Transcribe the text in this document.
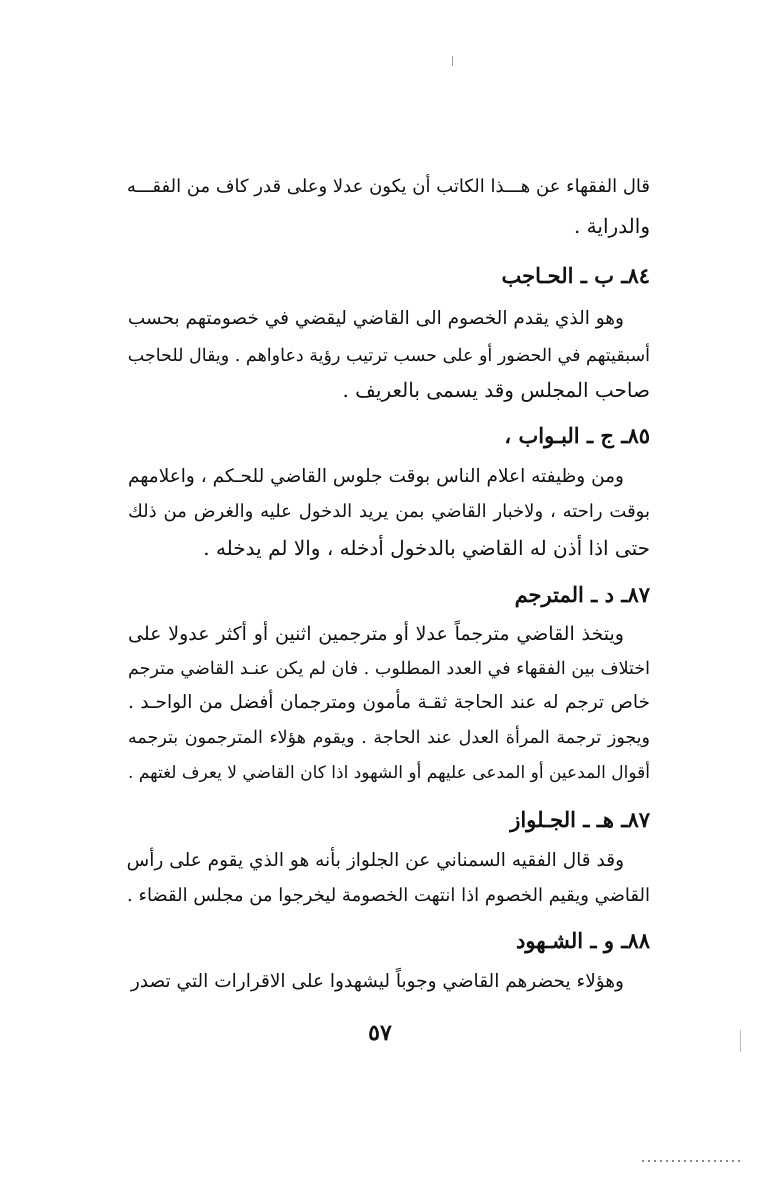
قال الفقهاء عن هـــذا الكاتب أن يكون عدلا وعلى قدر كاف من الفقـــه
والدراية .
٨٤ـ ب ـ الحـاجب
وهو الذي يقدم الخصوم الى القاضي ليقضي في خصومتهم بحسب
أسبقيتهم في الحضور أو على حسب ترتيب رؤية دعاواهم . ويقال للحاجب
صاحب المجلس وقد يسمى بالعريف .
٨٥ـ ج ـ البـواب ،
ومن وظيفته اعلام الناس بوقت جلوس القاضي للحـكم ، واعلامهم
بوقت راحته ، ولاخبار القاضي بمن يريد الدخول عليه والغرض من ذلك
حتى اذا أذن له القاضي بالدخول أدخله ، والا لم يدخله .
٨٧ـ د ـ المترجم
ويتخذ القاضي مترجماً عدلا أو مترجمين اثنين أو أكثر عدولا على
اختلاف بين الفقهاء في العدد المطلوب . فان لم يكن عنـد القاضي مترجم
خاص ترجم له عند الحاجة ثقـة مأمون ومترجمان أفضل من الواحـد .
ويجوز ترجمة المرأة العدل عند الحاجة . ويقوم هؤلاء المترجمون بترجمه
أقوال المدعين أو المدعى عليهم أو الشهود اذا كان القاضي لا يعرف لغتهم .
٨٧ـ هـ ـ الجـلواز
وقد قال الفقيه السمناني عن الجلواز بأنه هو الذي يقوم على رأس
القاضي ويقيم الخصوم اذا انتهت الخصومة ليخرجوا من مجلس القضاء .
٨٨ـ و ـ الشـهود
وهؤلاء يحضرهم القاضي وجوباً ليشهدوا على الاقرارات التي تصدر
٥٧
